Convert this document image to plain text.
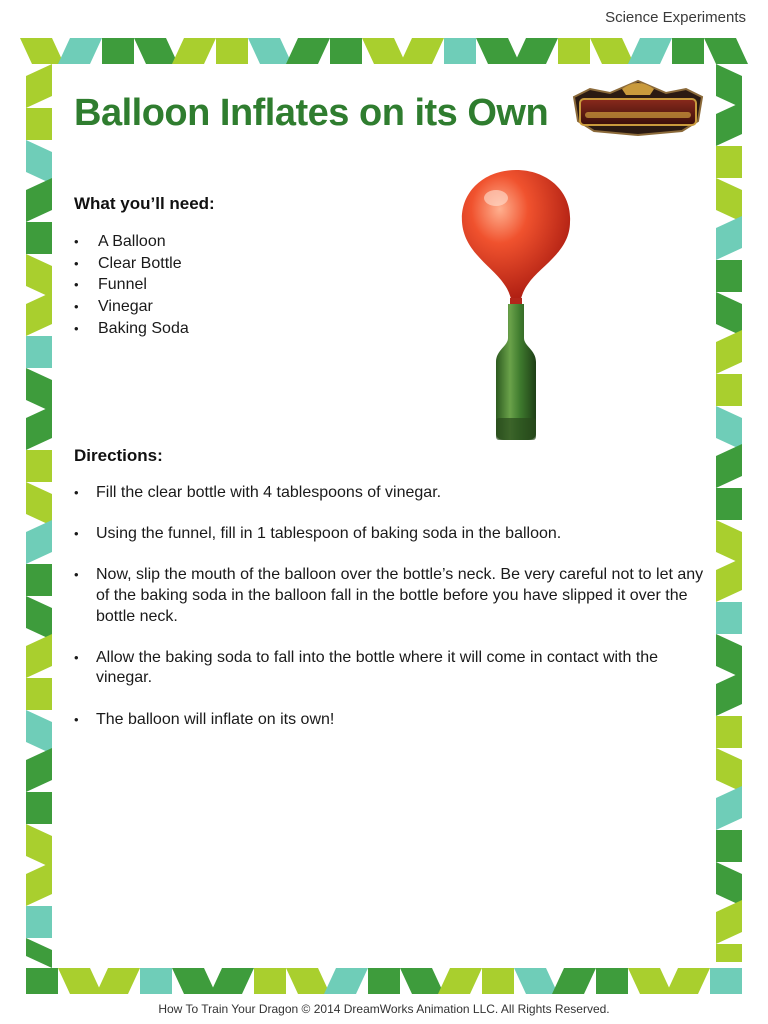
Science Experiments
Balloon Inflates on its Own
What you’ll need:
• A Balloon
• Clear Bottle
• Funnel
• Vinegar
• Baking Soda
Directions:
• Fill the clear bottle with 4 tablespoons of vinegar.
• Using the funnel, fill in 1 tablespoon of baking soda in the balloon.
• Now, slip the mouth of the balloon over the bottle’s neck. Be very careful not to let any of the baking soda in the balloon fall in the bottle before you have slipped it over the bottle neck.
• Allow the baking soda to fall into the bottle where it will come in contact with the vinegar.
• The balloon will inflate on its own!
How To Train Your Dragon © 2014 DreamWorks Animation LLC. All Rights Reserved.
